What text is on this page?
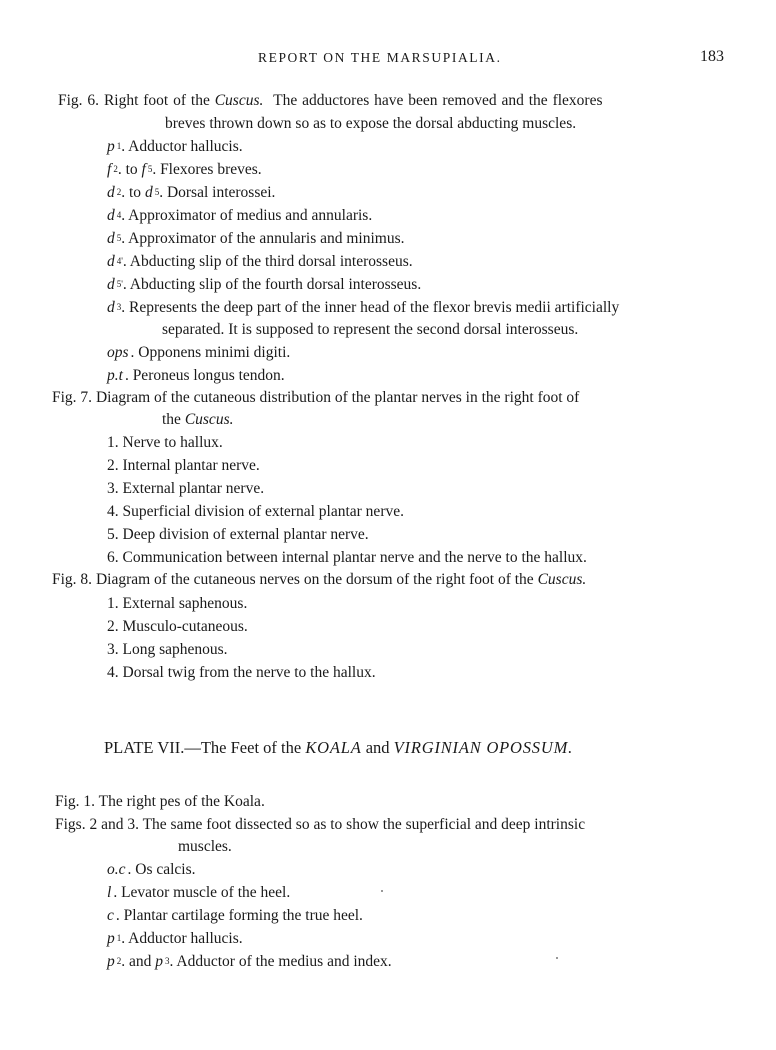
REPORT ON THE MARSUPIALIA.	183
Fig. 6. Right foot of the Cuscus. The adductores have been removed and the flexores
breves thrown down so as to expose the dorsal abducting muscles.
p $^1$. Adductor hallucis.
f $^2$. to f $^5$. Flexores breves.
d $^2$. to d $^5$. Dorsal interossei.
d $^4$. Approximator of medius and annularis.
d $^5$. Approximator of the annularis and minimus.
d $^{4'}$. Abducting slip of the third dorsal interosseus.
d $^{5'}$. Abducting slip of the fourth dorsal interosseus.
d $^3$. Represents the deep part of the inner head of the flexor brevis medii artificially
separated. It is supposed to represent the second dorsal interosseus.
ops . Opponens minimi digiti.
p.t . Peroneus longus tendon.
Fig. 7. Diagram of the cutaneous distribution of the plantar nerves in the right foot of
the Cuscus.
1. Nerve to hallux.
2. Internal plantar nerve.
3. External plantar nerve.
4. Superficial division of external plantar nerve.
5. Deep division of external plantar nerve.
6. Communication between internal plantar nerve and the nerve to the hallux.
Fig. 8. Diagram of the cutaneous nerves on the dorsum of the right foot of the Cuscus.
1. External saphenous.
2. Musculo-cutaneous.
3. Long saphenous.
4. Dorsal twig from the nerve to the hallux.
PLATE VII.—The Feet of the KOALA and VIRGINIAN OPOSSUM.
Fig. 1. The right pes of the Koala.
Figs. 2 and 3. The same foot dissected so as to show the superficial and deep intrinsic
muscles.
o.c . Os calcis.
l . Levator muscle of the heel.
c . Plantar cartilage forming the true heel.
p $^1$. Adductor hallucis.
p $^2$. and p $^3$. Adductor of the medius and index.
